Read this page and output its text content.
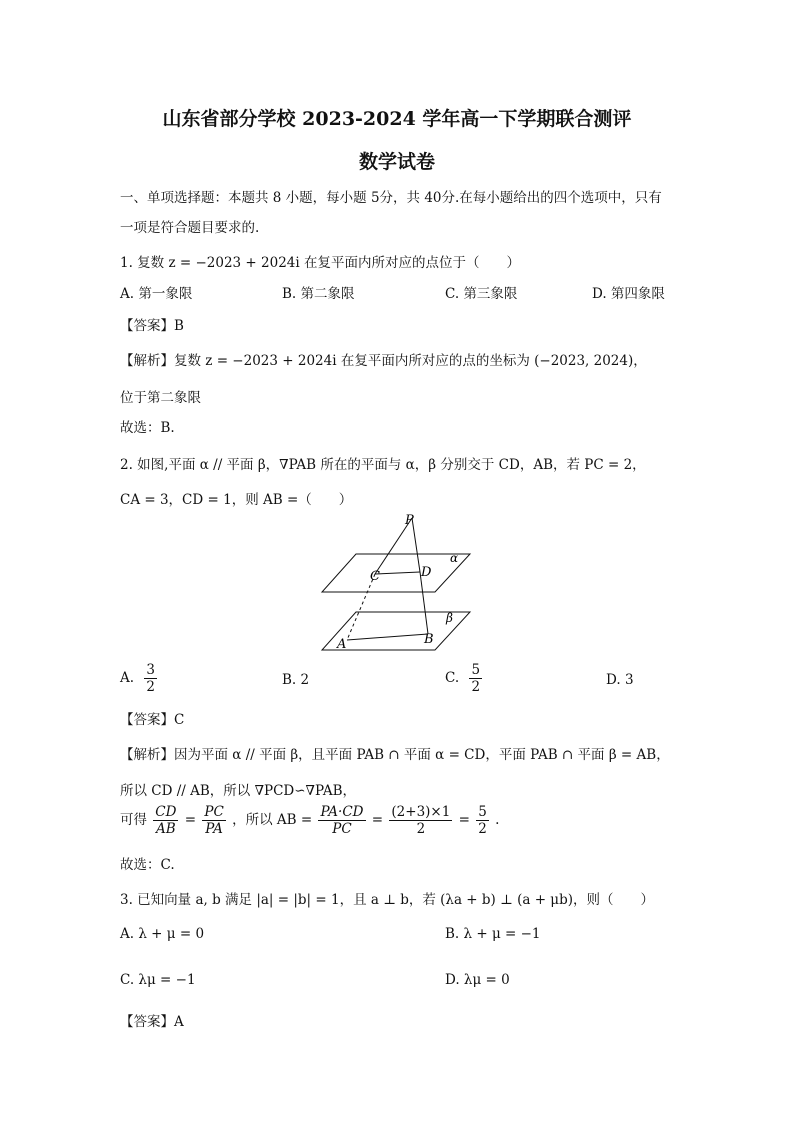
山东省部分学校 2023-2024 学年高一下学期联合测评
数学试卷
一、单项选择题：本题共 8 小题，每小题 5分，共 40分.在每小题给出的四个选项中，只有
一项是符合题目要求的.
1. 复数 z = −2023 + 2024i 在复平面内所对应的点位于（　　）
A. 第一象限	B. 第二象限	C. 第三象限	D. 第四象限
【答案】B
【解析】复数 z = −2023 + 2024i 在复平面内所对应的点的坐标为 (−2023, 2024)，
位于第二象限
故选：B.
2. 如图,平面 α // 平面 β，∇PAB 所在的平面与 α，β 分别交于 CD，AB，若 PC = 2，
CA = 3，CD = 1，则 AB =（　　）
P
C	D
A	B
α
β
A. $\frac{3}{2}$	B. 2	C. $\frac{5}{2}$	D. 3
【答案】C
【解析】因为平面 α // 平面 β，且平面 PAB ∩ 平面 α = CD，平面 PAB ∩ 平面 β = AB，
所以 CD // AB，所以 ∇PCD∽∇PAB，
可得 $\frac{CD}{AB} = \frac{PC}{PA}$ ，所以 AB = $\frac{PA\cdot CD}{PC} = \frac{(2+3)\times 1}{2} = \frac{5}{2}$ .
故选：C.
3. 已知向量 a, b 满足 |a| = |b| = 1，且 a ⊥ b，若 (λa + b) ⊥ (a + μb)，则（　　）
A. λ + μ = 0	B. λ + μ = −1
C. λμ = −1	D. λμ = 0
【答案】A
